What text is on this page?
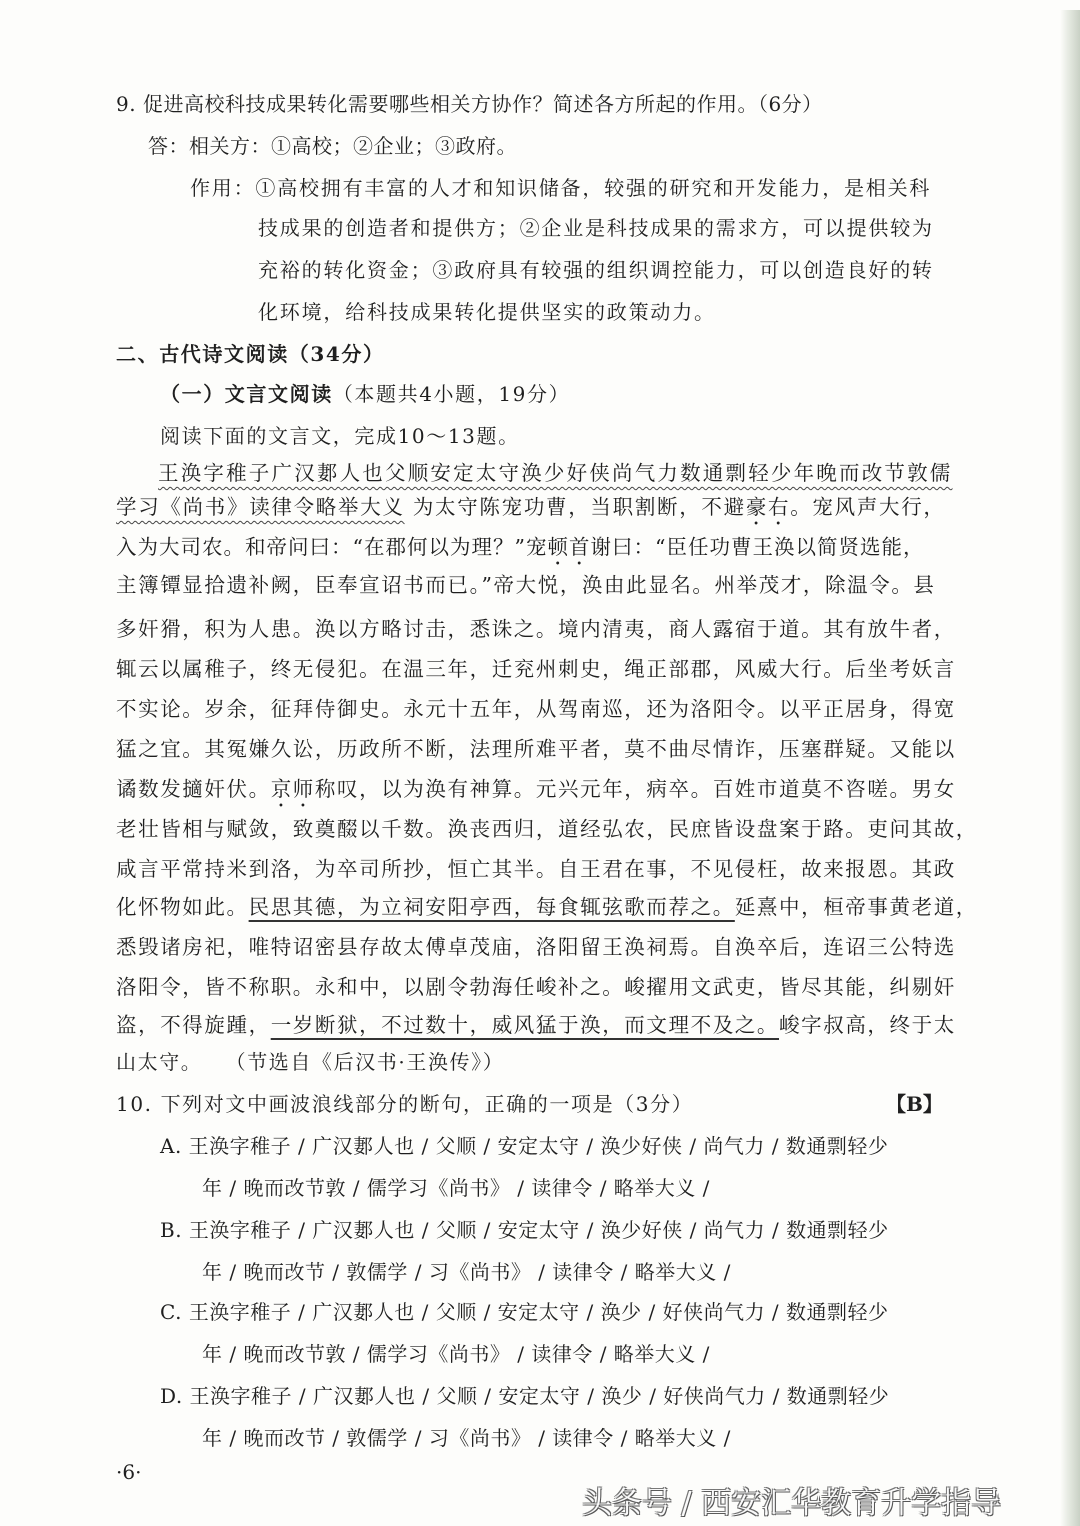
9. 促进高校科技成果转化需要哪些相关方协作？简述各方所起的作用。（6分）
答：相关方：①高校；②企业；③政府。
作用：①高校拥有丰富的人才和知识储备，较强的研究和开发能力，是相关科
技成果的创造者和提供方；②企业是科技成果的需求方，可以提供较为
充裕的转化资金；③政府具有较强的组织调控能力，可以创造良好的转
化环境，给科技成果转化提供坚实的政策动力。
二、古代诗文阅读（34分）
（一）文言文阅读（本题共4小题，19分）
阅读下面的文言文，完成10～13题。
王涣字稚子广汉郪人也父顺安定太守涣少好侠尚气力数通剽轻少年晚而改节敦儒
学习《尚书》读律令略举大义 为太守陈宠功曹，当职割断，不避豪右。宠风声大行，
入为大司农。和帝问曰：“在郡何以为理？”宠顿首谢曰：“臣任功曹王涣以简贤选能，
主簿镡显拾遗补阙，臣奉宣诏书而已。”帝大悦，涣由此显名。州举茂才，除温令。县
多奸猾，积为人患。涣以方略讨击，悉诛之。境内清夷，商人露宿于道。其有放牛者，
辄云以属稚子，终无侵犯。在温三年，迁兖州刺史，绳正部郡，风威大行。后坐考妖言
不实论。岁余，征拜侍御史。永元十五年，从驾南巡，还为洛阳令。以平正居身，得宽
猛之宜。其冤嫌久讼，历政所不断，法理所难平者，莫不曲尽情诈，压塞群疑。又能以
谲数发擿奸伏。京师称叹，以为涣有神算。元兴元年，病卒。百姓市道莫不咨嗟。男女
老壮皆相与赋敛，致奠醊以千数。涣丧西归，道经弘农，民庶皆设盘案于路。吏问其故，
咸言平常持米到洛，为卒司所抄，恒亡其半。自王君在事，不见侵枉，故来报恩。其政
化怀物如此。民思其德，为立祠安阳亭西，每食辄弦歌而荐之。延熹中，桓帝事黄老道，
悉毁诸房祀，唯特诏密县存故太傅卓茂庙，洛阳留王涣祠焉。自涣卒后，连诏三公特选
洛阳令，皆不称职。永和中，以剧令勃海任峻补之。峻擢用文武吏，皆尽其能，纠剔奸
盗，不得旋踵，一岁断狱，不过数十，威风猛于涣，而文理不及之。峻字叔高，终于太
山太守。　　（节选自《后汉书·王涣传》）
10. 下列对文中画波浪线部分的断句，正确的一项是（3分）	【B】
A. 王涣字稚子 / 广汉郪人也 / 父顺 / 安定太守 / 涣少好侠 / 尚气力 / 数通剽轻少
年 / 晚而改节敦 / 儒学习《尚书》 / 读律令 / 略举大义 /
B. 王涣字稚子 / 广汉郪人也 / 父顺 / 安定太守 / 涣少好侠 / 尚气力 / 数通剽轻少
年 / 晚而改节 / 敦儒学 / 习《尚书》 / 读律令 / 略举大义 /
C. 王涣字稚子 / 广汉郪人也 / 父顺 / 安定太守 / 涣少 / 好侠尚气力 / 数通剽轻少
年 / 晚而改节敦 / 儒学习《尚书》 / 读律令 / 略举大义 /
D. 王涣字稚子 / 广汉郪人也 / 父顺 / 安定太守 / 涣少 / 好侠尚气力 / 数通剽轻少
年 / 晚而改节 / 敦儒学 / 习《尚书》 / 读律令 / 略举大义 /
·6·
头条号 / 西安汇华教育升学指导
